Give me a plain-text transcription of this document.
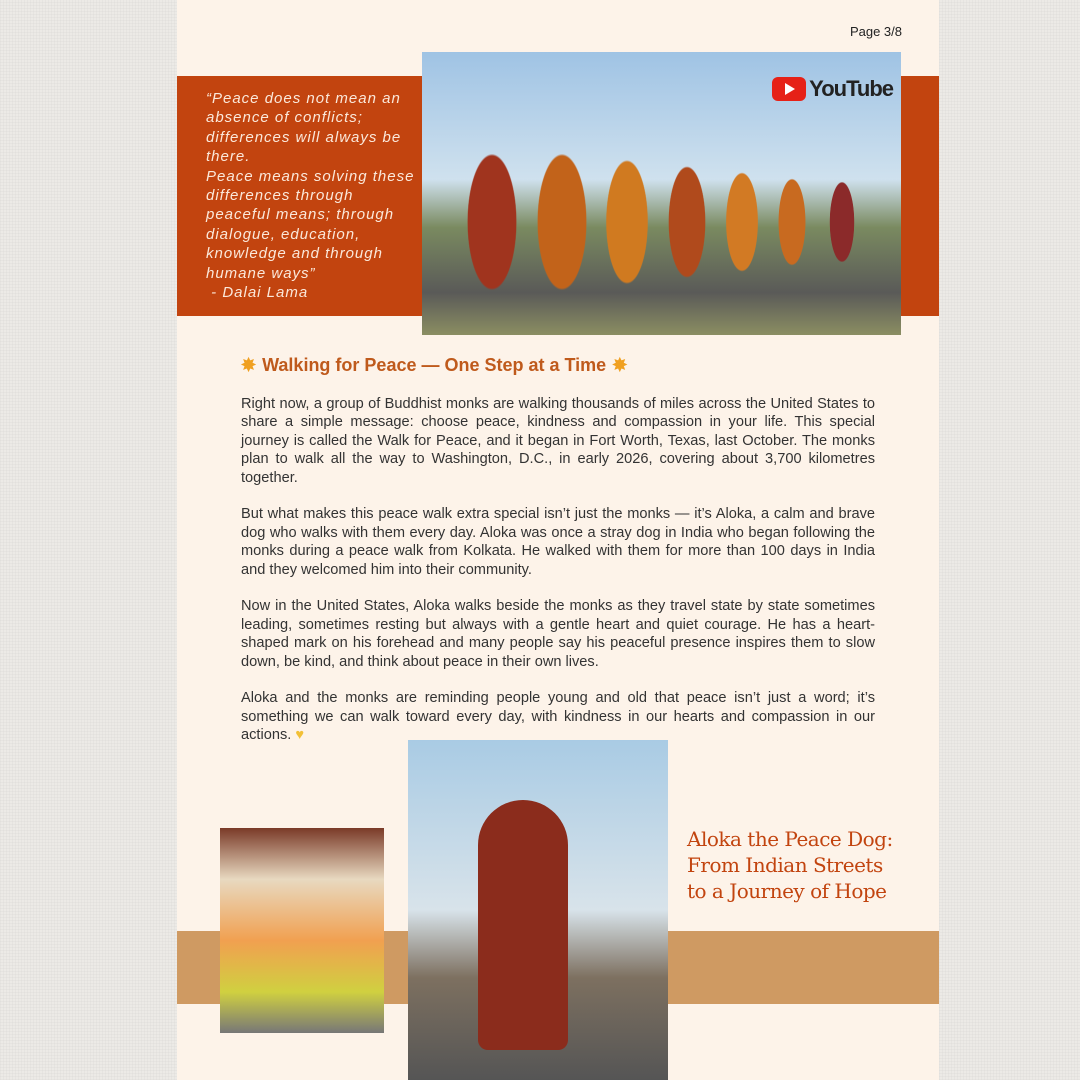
Page 3/8
“Peace does not mean an absence of conflicts; differences will always be there.
Peace means solving these differences through peaceful means; through dialogue, education, knowledge and through humane ways”
- Dalai Lama
YouTube
✸ Walking for Peace — One Step at a Time ✸

Right now, a group of Buddhist monks are walking thousands of miles across the United States to share a simple message: choose peace, kindness and compassion in your life. This special journey is called the Walk for Peace, and it began in Fort Worth, Texas, last October. The monks plan to walk all the way to Washington, D.C., in early 2026, covering about 3,700 kilometres together.

But what makes this peace walk extra special isn’t just the monks — it’s Aloka, a calm and brave dog who walks with them every day. Aloka was once a stray dog in India who began following the monks during a peace walk from Kolkata. He walked with them for more than 100 days in India and they welcomed him into their community.

Now in the United States, Aloka walks beside the monks as they travel state by state sometimes leading, sometimes resting but always with a gentle heart and quiet courage. He has a heart-shaped mark on his forehead and many people say his peaceful presence inspires them to slow down, be kind, and think about peace in their own lives.

Aloka and the monks are reminding people young and old that peace isn’t just a word; it’s something we can walk toward every day, with kindness in our hearts and compassion in our actions. ♥

Aloka the Peace Dog:
From Indian Streets
to a Journey of Hope
